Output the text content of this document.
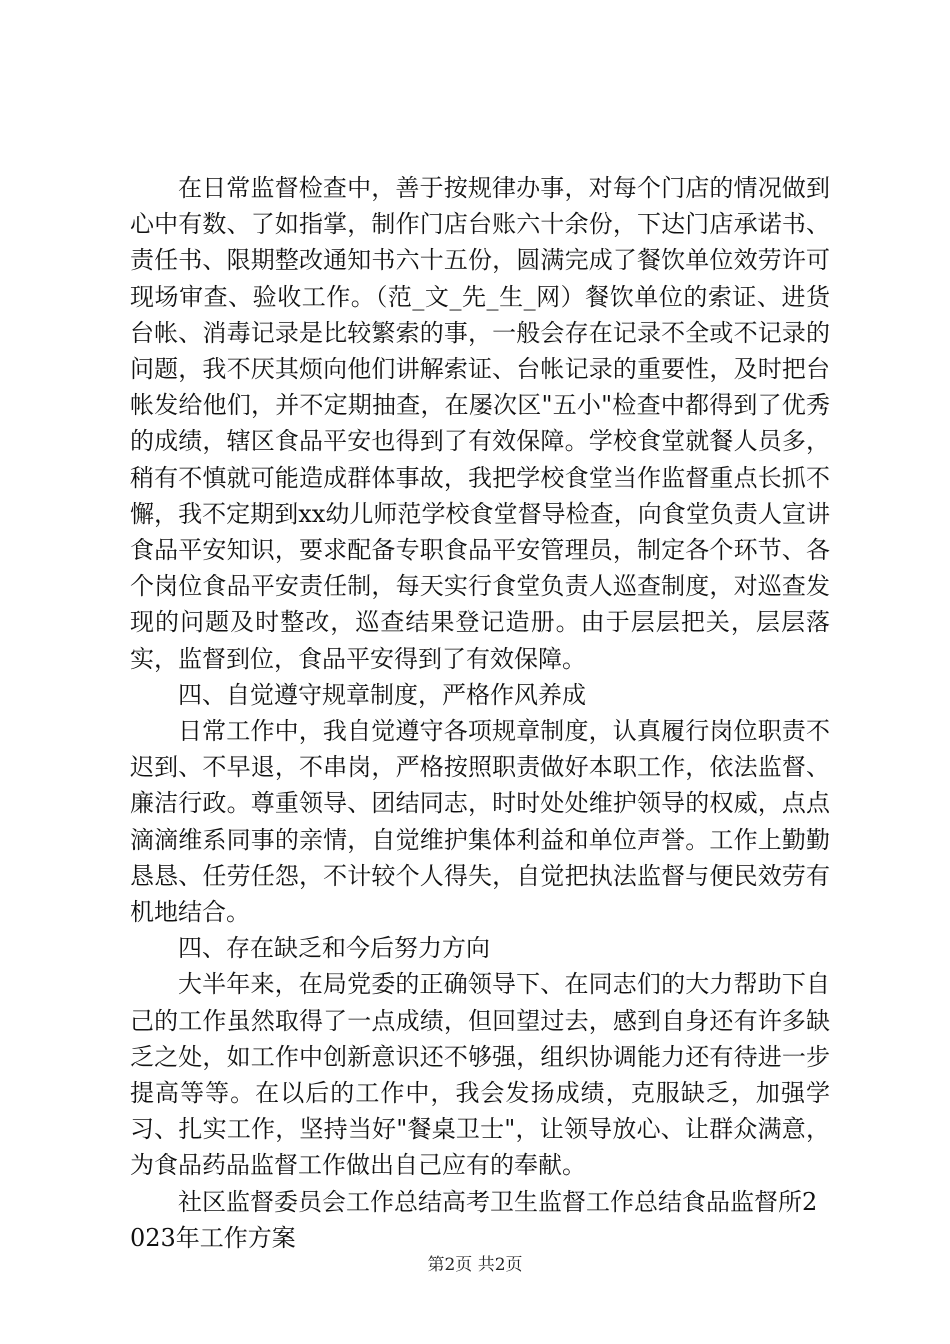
在日常监督检查中，善于按规律办事，对每个门店的情况做到心中有数、了如指掌，制作门店台账六十余份，下达门店承诺书、责任书、限期整改通知书六十五份，圆满完成了餐饮单位效劳许可现场审查、验收工作。（范_文_先_生_网）餐饮单位的索证、进货台帐、消毒记录是比较繁索的事，一般会存在记录不全或不记录的问题，我不厌其烦向他们讲解索证、台帐记录的重要性，及时把台帐发给他们，并不定期抽查，在屡次区"五小"检查中都得到了优秀的成绩，辖区食品平安也得到了有效保障。学校食堂就餐人员多，稍有不慎就可能造成群体事故，我把学校食堂当作监督重点长抓不懈，我不定期到xx幼儿师范学校食堂督导检查，向食堂负责人宣讲食品平安知识，要求配备专职食品平安管理员，制定各个环节、各个岗位食品平安责任制，每天实行食堂负责人巡查制度，对巡查发现的问题及时整改，巡查结果登记造册。由于层层把关，层层落实，监督到位，食品平安得到了有效保障。

四、自觉遵守规章制度，严格作风养成

日常工作中，我自觉遵守各项规章制度，认真履行岗位职责不迟到、不早退，不串岗，严格按照职责做好本职工作，依法监督、廉洁行政。尊重领导、团结同志，时时处处维护领导的权威，点点滴滴维系同事的亲情，自觉维护集体利益和单位声誉。工作上勤勤恳恳、任劳任怨，不计较个人得失，自觉把执法监督与便民效劳有机地结合。

四、存在缺乏和今后努力方向

大半年来，在局党委的正确领导下、在同志们的大力帮助下自己的工作虽然取得了一点成绩，但回望过去，感到自身还有许多缺乏之处，如工作中创新意识还不够强，组织协调能力还有待进一步提高等等。在以后的工作中，我会发扬成绩，克服缺乏，加强学习、扎实工作，坚持当好"餐桌卫士"，让领导放心、让群众满意，为食品药品监督工作做出自己应有的奉献。

社区监督委员会工作总结高考卫生监督工作总结食品监督所2023年工作方案

第2页 共2页
